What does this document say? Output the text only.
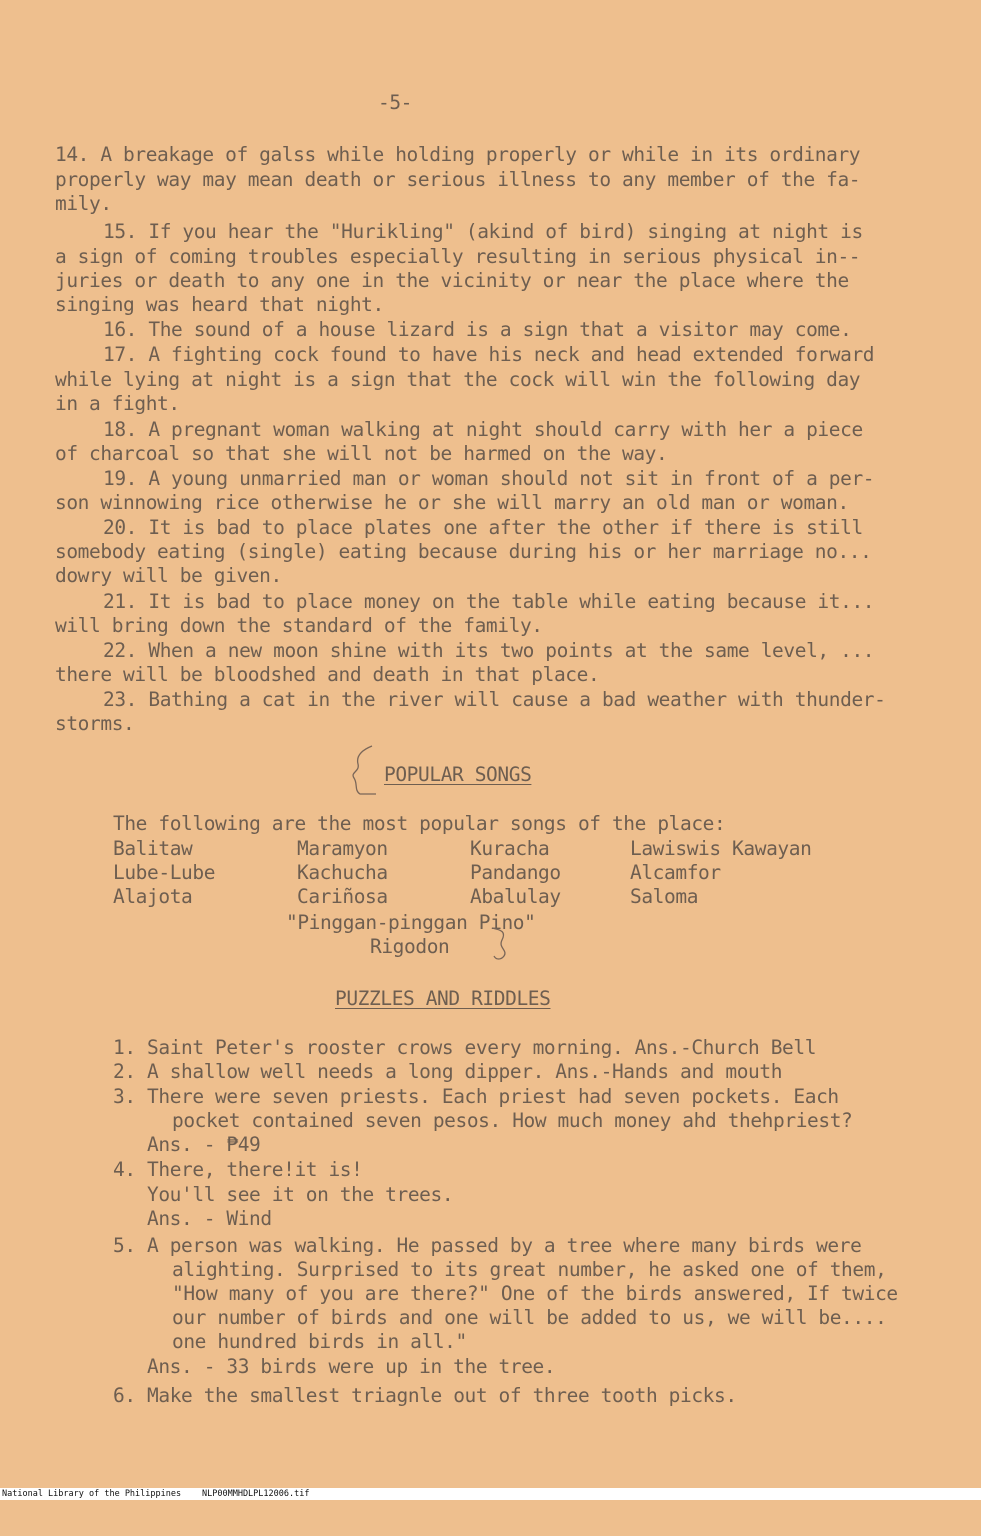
-5-
14. A breakage of galss while holding properly or while in its ordinary
properly way may mean death or serious illness to any member of the fa-
mily.
15. If you hear the "Hurikling" (akind of bird) singing at night is
a sign of coming troubles especially resulting in serious physical in--
juries or death to any one in the vicinity or near the place where the
singing was heard that night.
16. The sound of a house lizard is a sign that a visitor may come.
17. A fighting cock found to have his neck and head extended forward
while lying at night is a sign that the cock will win the following day
in a fight.
18. A pregnant woman walking at night should carry with her a piece
of charcoal so that she will not be harmed on the way.
19. A young unmarried man or woman should not sit in front of a per-
son winnowing rice otherwise he or she will marry an old man or woman.
20. It is bad to place plates one after the other if there is still
somebody eating (single) eating because during his or her marriage no...
dowry will be given.
21. It is bad to place money on the table while eating because it...
will bring down the standard of the family.
22. When a new moon shine with its two points at the same level, ...
there will be bloodshed and death in that place.
23. Bathing a cat in the river will cause a bad weather with thunder-
storms.
POPULAR SONGS
The following are the most popular songs of the place:
Balitaw
Lube-Lube
Alajota
Maramyon
Kachucha
Cariñosa
Kuracha
Pandango
Abalulay
Lawiswis Kawayan
Alcamfor
Saloma
"Pinggan-pinggan Pino"
Rigodon
PUZZLES AND RIDDLES
1. Saint Peter's rooster crows every morning. Ans.-Church Bell
2. A shallow well needs a long dipper. Ans.-Hands and mouth
3. There were seven priests. Each priest had seven pockets. Each
pocket contained seven pesos. How much money ahd thehpriest?
Ans. - ₱49
4. There, there!it is!
You'll see it on the trees.
Ans. - Wind
5. A person was walking. He passed by a tree where many birds were
alighting. Surprised to its great number, he asked one of them,
"How many of you are there?" One of the birds answered, If twice
our number of birds and one will be added to us, we will be....
one hundred birds in all."
Ans. - 33 birds were up in the tree.
6. Make the smallest triagnle out of three tooth picks.

National Library of the Philippines

NLP00MMHDLPL12006.tif
